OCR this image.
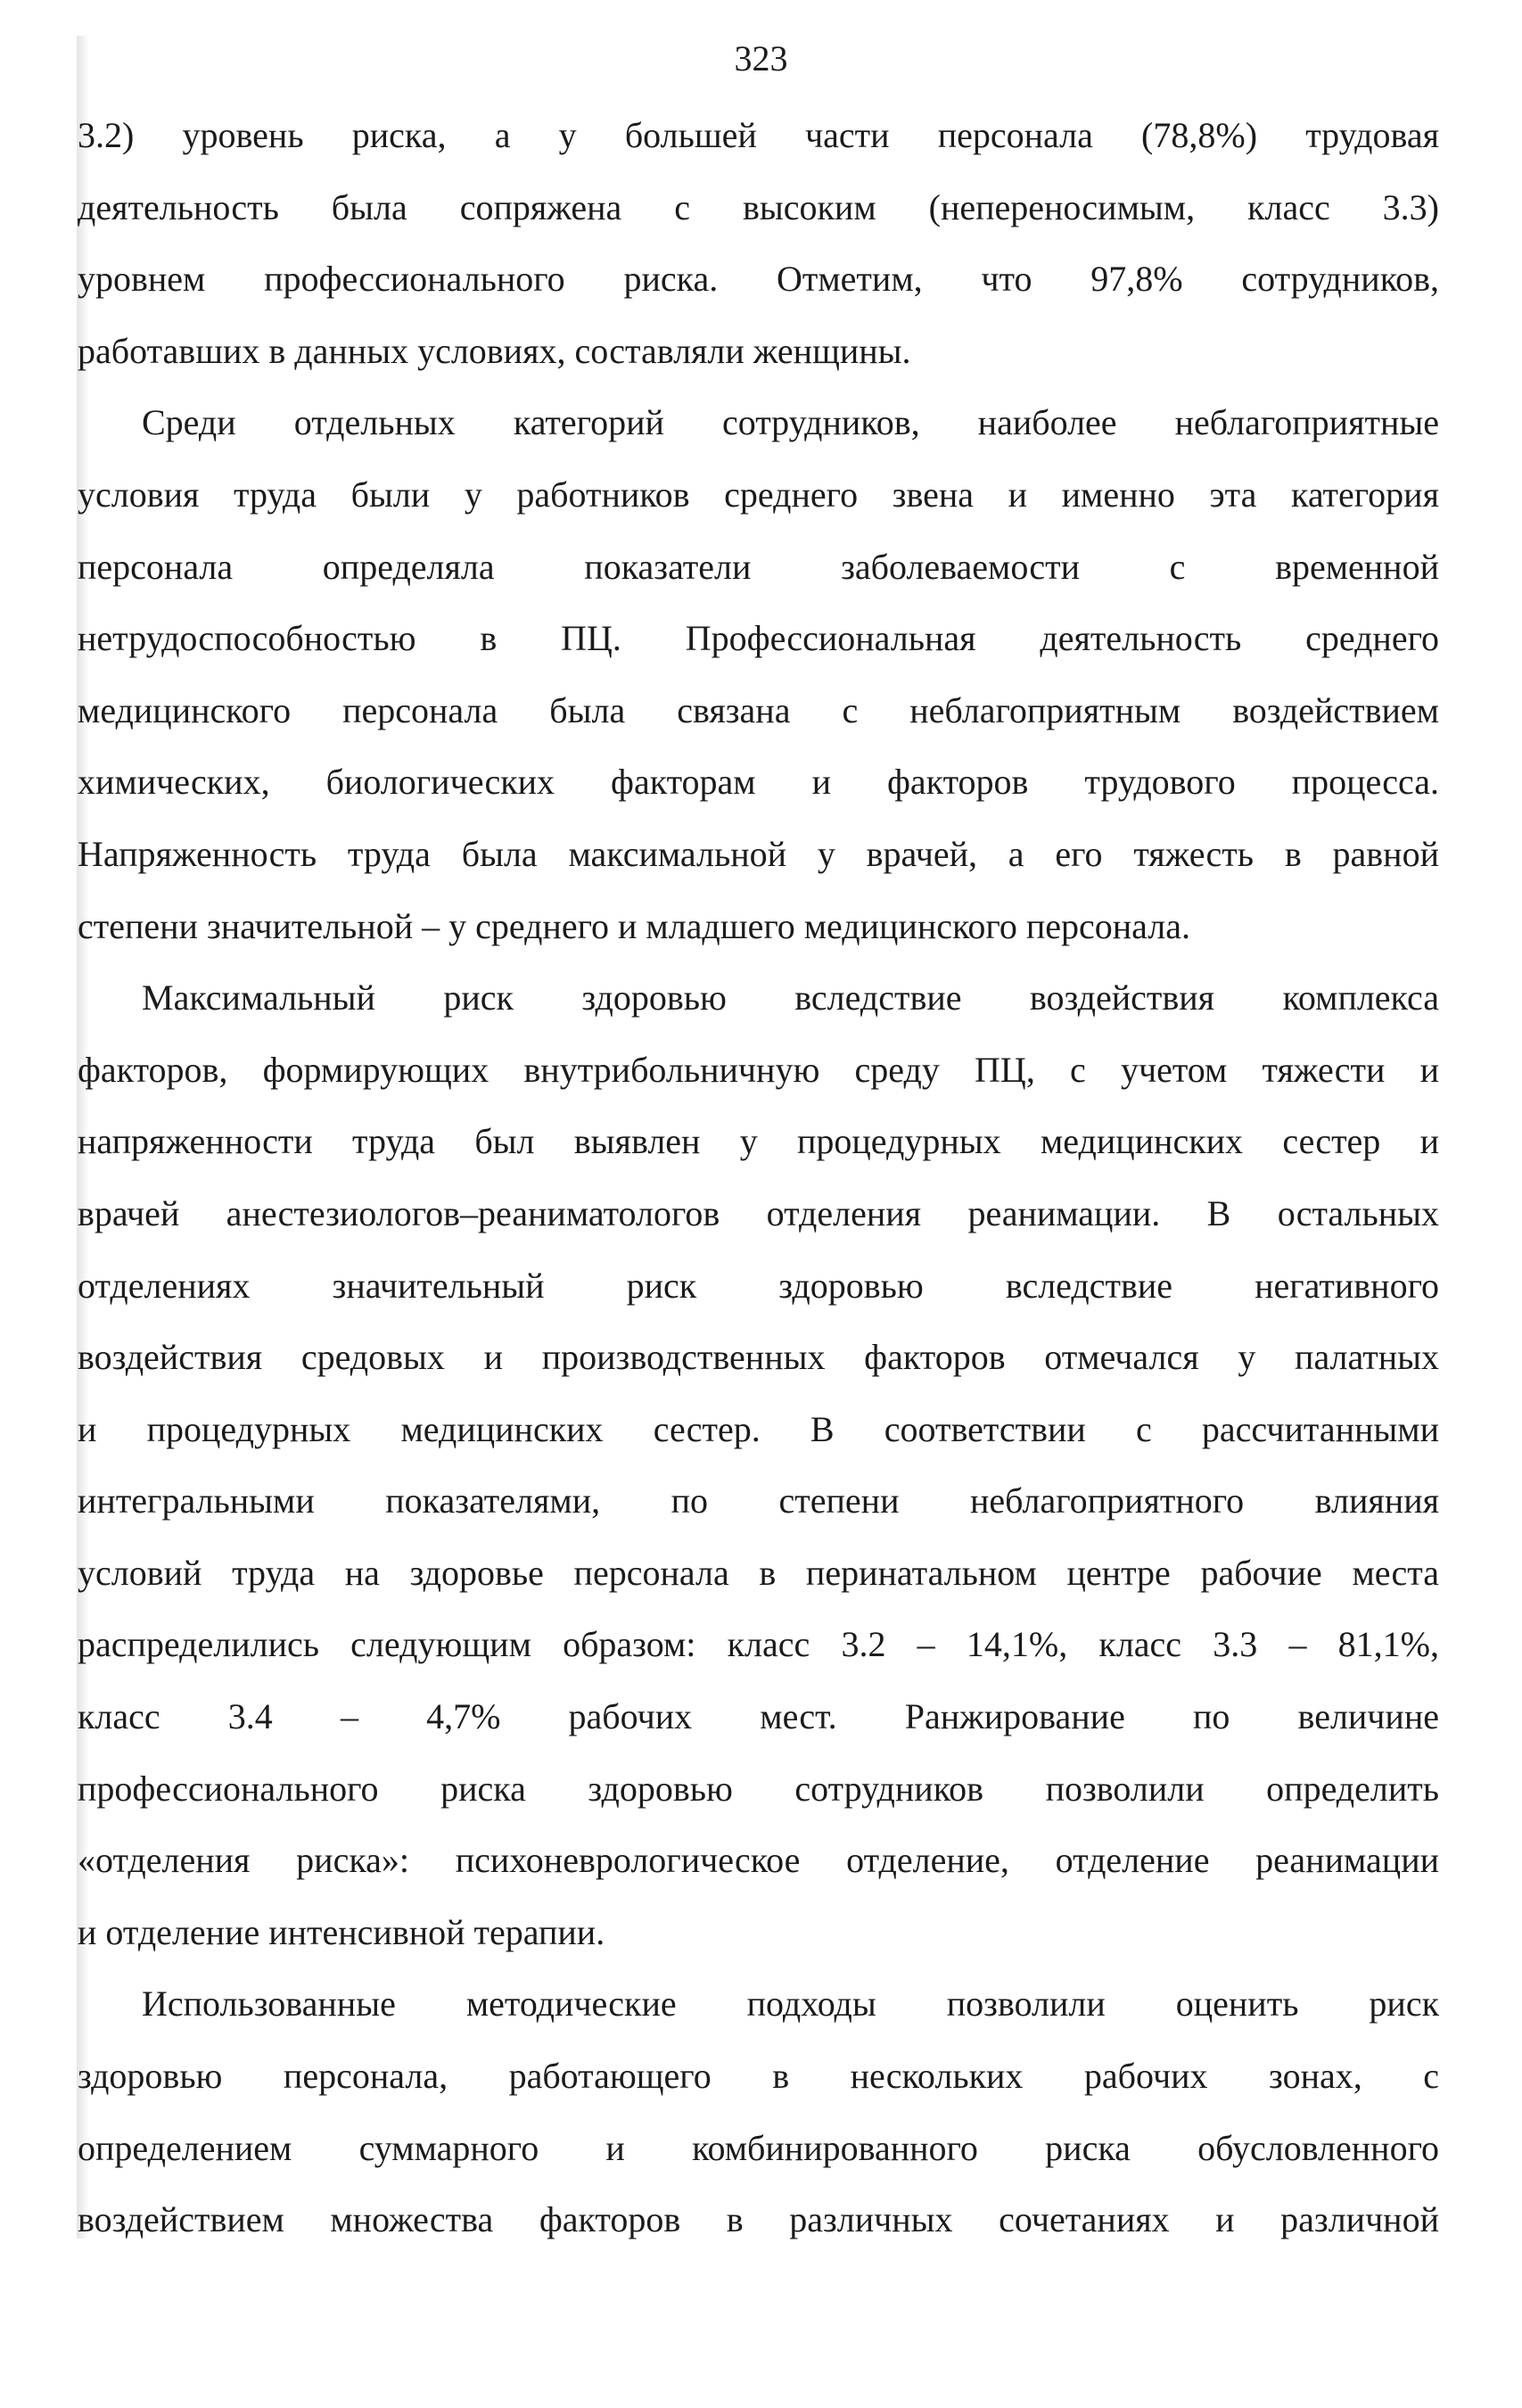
323
3.2) уровень риска, а у большей части персонала (78,8%) трудовая
деятельность была сопряжена с высоким (непереносимым, класс 3.3)
уровнем профессионального риска. Отметим, что 97,8% сотрудников,
работавших в данных условиях, составляли женщины.
Среди отдельных категорий сотрудников, наиболее неблагоприятные
условия труда были у работников среднего звена и именно эта категория
персонала определяла показатели заболеваемости с временной
нетрудоспособностью в ПЦ. Профессиональная деятельность среднего
медицинского персонала была связана с неблагоприятным воздействием
химических, биологических факторам и факторов трудового процесса.
Напряженность труда была максимальной у врачей, а его тяжесть в равной
степени значительной – у среднего и младшего медицинского персонала.
Максимальный риск здоровью вследствие воздействия комплекса
факторов, формирующих внутрибольничную среду ПЦ, с учетом тяжести и
напряженности труда был выявлен у процедурных медицинских сестер и
врачей анестезиологов–реаниматологов отделения реанимации. В остальных
отделениях значительный риск здоровью вследствие негативного
воздействия средовых и производственных факторов отмечался у палатных
и процедурных медицинских сестер. В соответствии с рассчитанными
интегральными показателями, по степени неблагоприятного влияния
условий труда на здоровье персонала в перинатальном центре рабочие места
распределились следующим образом: класс 3.2 – 14,1%, класс 3.3 – 81,1%,
класс 3.4 – 4,7% рабочих мест. Ранжирование по величине
профессионального риска здоровью сотрудников позволили определить
«отделения риска»: психоневрологическое отделение, отделение реанимации
и отделение интенсивной терапии.
Использованные методические подходы позволили оценить риск
здоровью персонала, работающего в нескольких рабочих зонах, с
определением суммарного и комбинированного риска обусловленного
воздействием множества факторов в различных сочетаниях и различной
